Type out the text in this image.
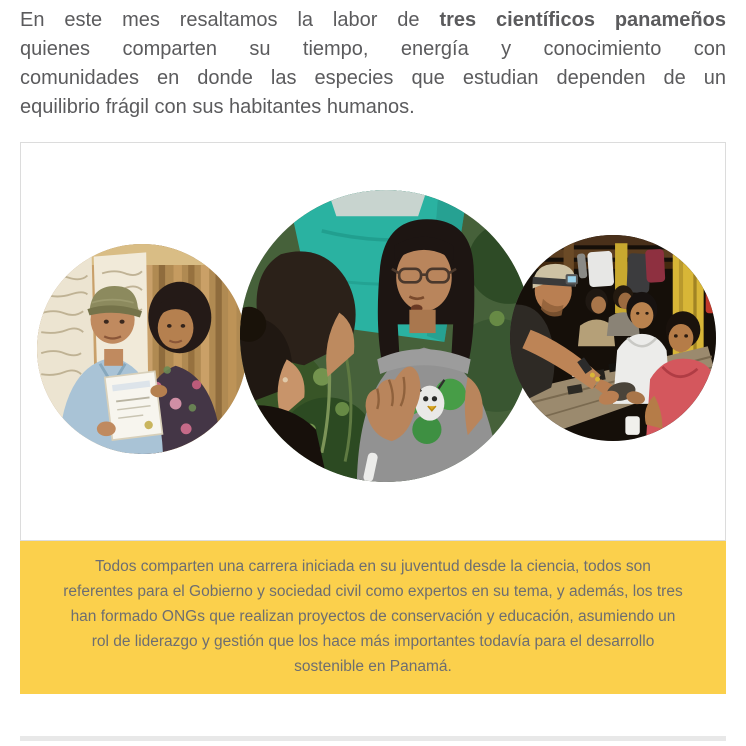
En este mes resaltamos la labor de tres científicos panameños
quienes comparten su tiempo, energía y conocimiento con
comunidades en donde las especies que estudian dependen de un
equilibrio frágil con sus habitantes humanos.

Todos comparten una carrera iniciada en su juventud desde la ciencia, todos son referentes para el Gobierno y sociedad civil como expertos en su tema, y además, los tres han formado ONGs que realizan proyectos de conservación y educación, asumiendo un rol de liderazgo y gestión que los hace más importantes todavía para el desarrollo sostenible en Panamá.
